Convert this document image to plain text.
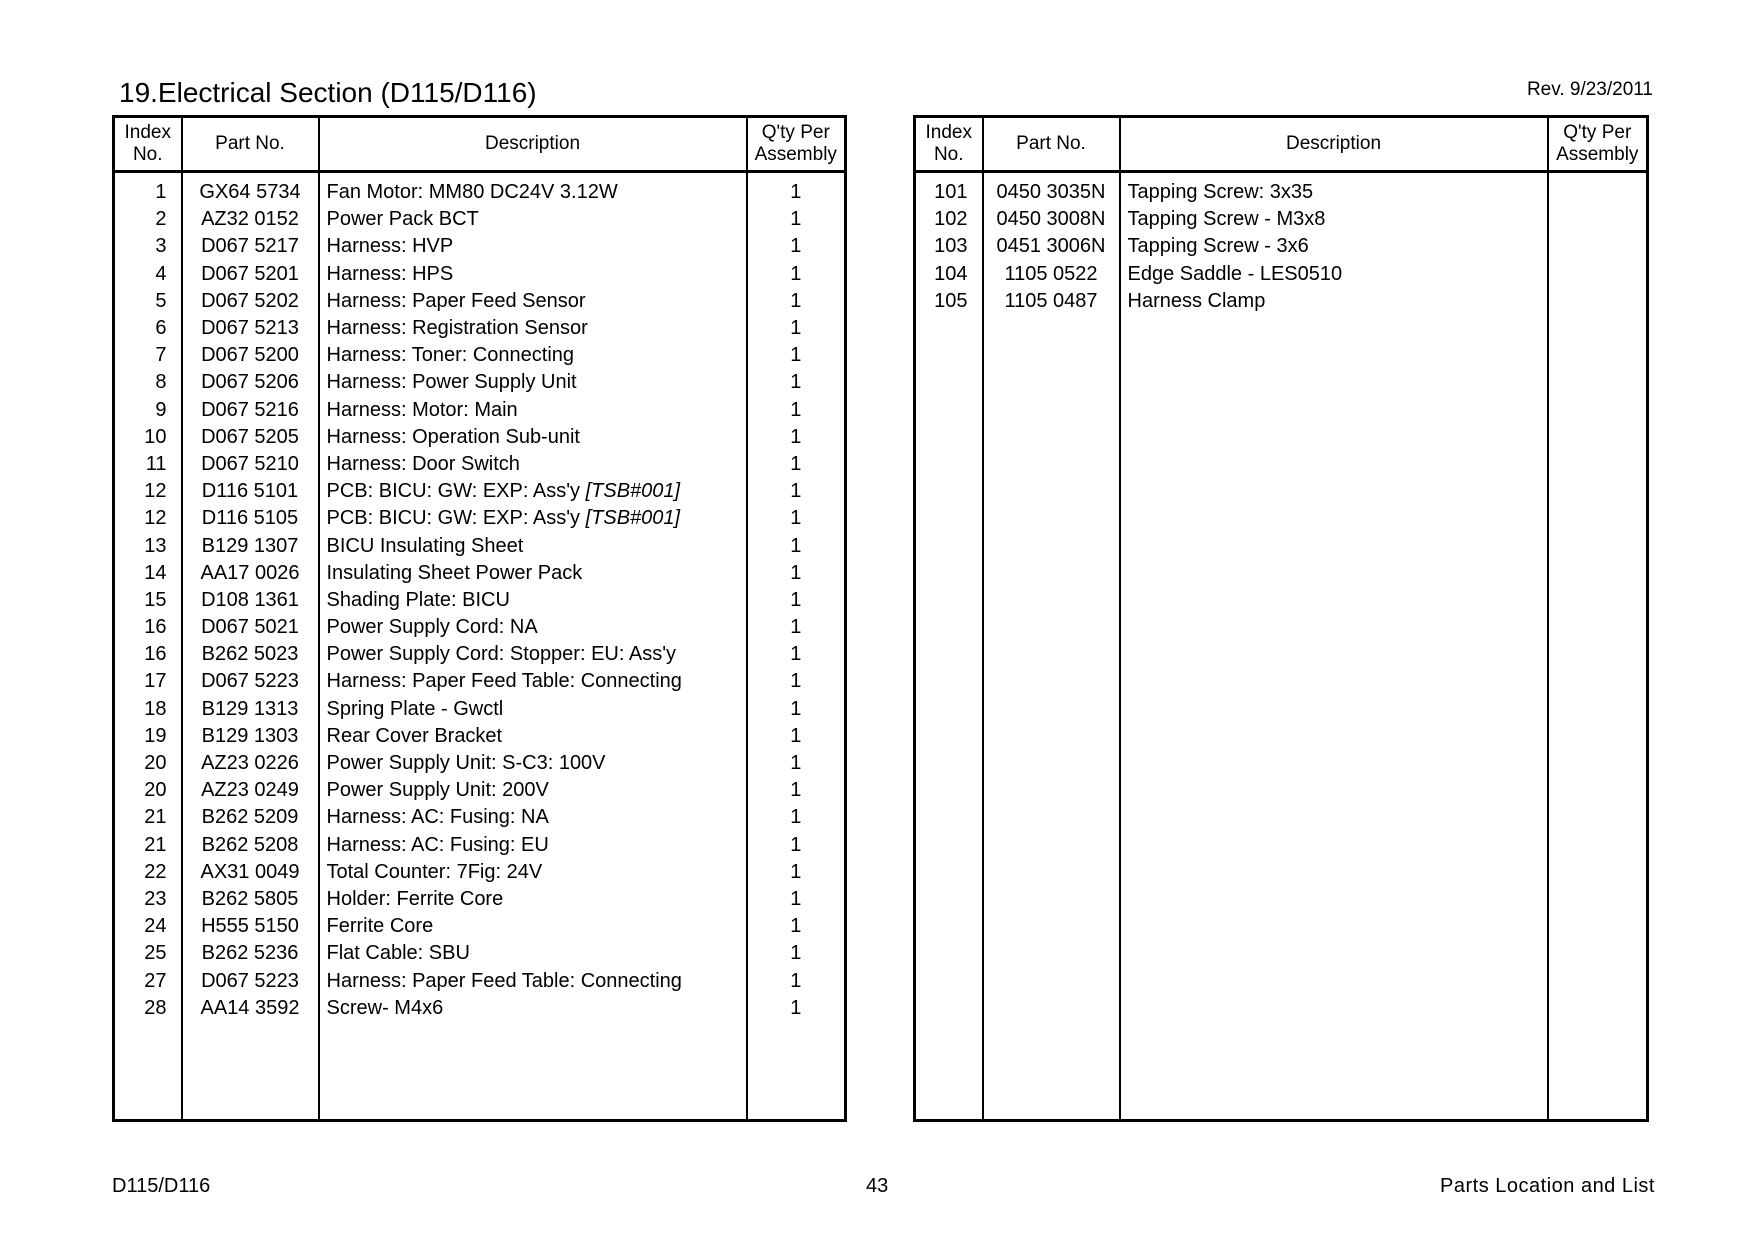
19.Electrical Section (D115/D116)	Rev. 9/23/2011
Index No.	Part No.	Description	Q'ty Per Assembly
1	GX64 5734	Fan Motor: MM80 DC24V 3.12W	1
2	AZ32 0152	Power Pack BCT	1
3	D067 5217	Harness: HVP	1
4	D067 5201	Harness: HPS	1
5	D067 5202	Harness: Paper Feed Sensor	1
6	D067 5213	Harness: Registration Sensor	1
7	D067 5200	Harness: Toner: Connecting	1
8	D067 5206	Harness: Power Supply Unit	1
9	D067 5216	Harness: Motor: Main	1
10	D067 5205	Harness: Operation Sub-unit	1
11	D067 5210	Harness: Door Switch	1
12	D116 5101	PCB: BICU: GW: EXP: Ass'y [TSB#001]	1
12	D116 5105	PCB: BICU: GW: EXP: Ass'y [TSB#001]	1
13	B129 1307	BICU Insulating Sheet	1
14	AA17 0026	Insulating Sheet Power Pack	1
15	D108 1361	Shading Plate: BICU	1
16	D067 5021	Power Supply Cord: NA	1
16	B262 5023	Power Supply Cord: Stopper: EU: Ass'y	1
17	D067 5223	Harness: Paper Feed Table: Connecting	1
18	B129 1313	Spring Plate - Gwctl	1
19	B129 1303	Rear Cover Bracket	1
20	AZ23 0226	Power Supply Unit: S-C3: 100V	1
20	AZ23 0249	Power Supply Unit: 200V	1
21	B262 5209	Harness: AC: Fusing: NA	1
21	B262 5208	Harness: AC: Fusing: EU	1
22	AX31 0049	Total Counter: 7Fig: 24V	1
23	B262 5805	Holder: Ferrite Core	1
24	H555 5150	Ferrite Core	1
25	B262 5236	Flat Cable: SBU	1
27	D067 5223	Harness: Paper Feed Table: Connecting	1
28	AA14 3592	Screw- M4x6	1

Index No.	Part No.	Description	Q'ty Per Assembly
101	0450 3035N	Tapping Screw: 3x35	
102	0450 3008N	Tapping Screw - M3x8	
103	0451 3006N	Tapping Screw - 3x6	
104	1105 0522	Edge Saddle - LES0510	
105	1105 0487	Harness Clamp	

D115/D116	43	Parts Location and List
